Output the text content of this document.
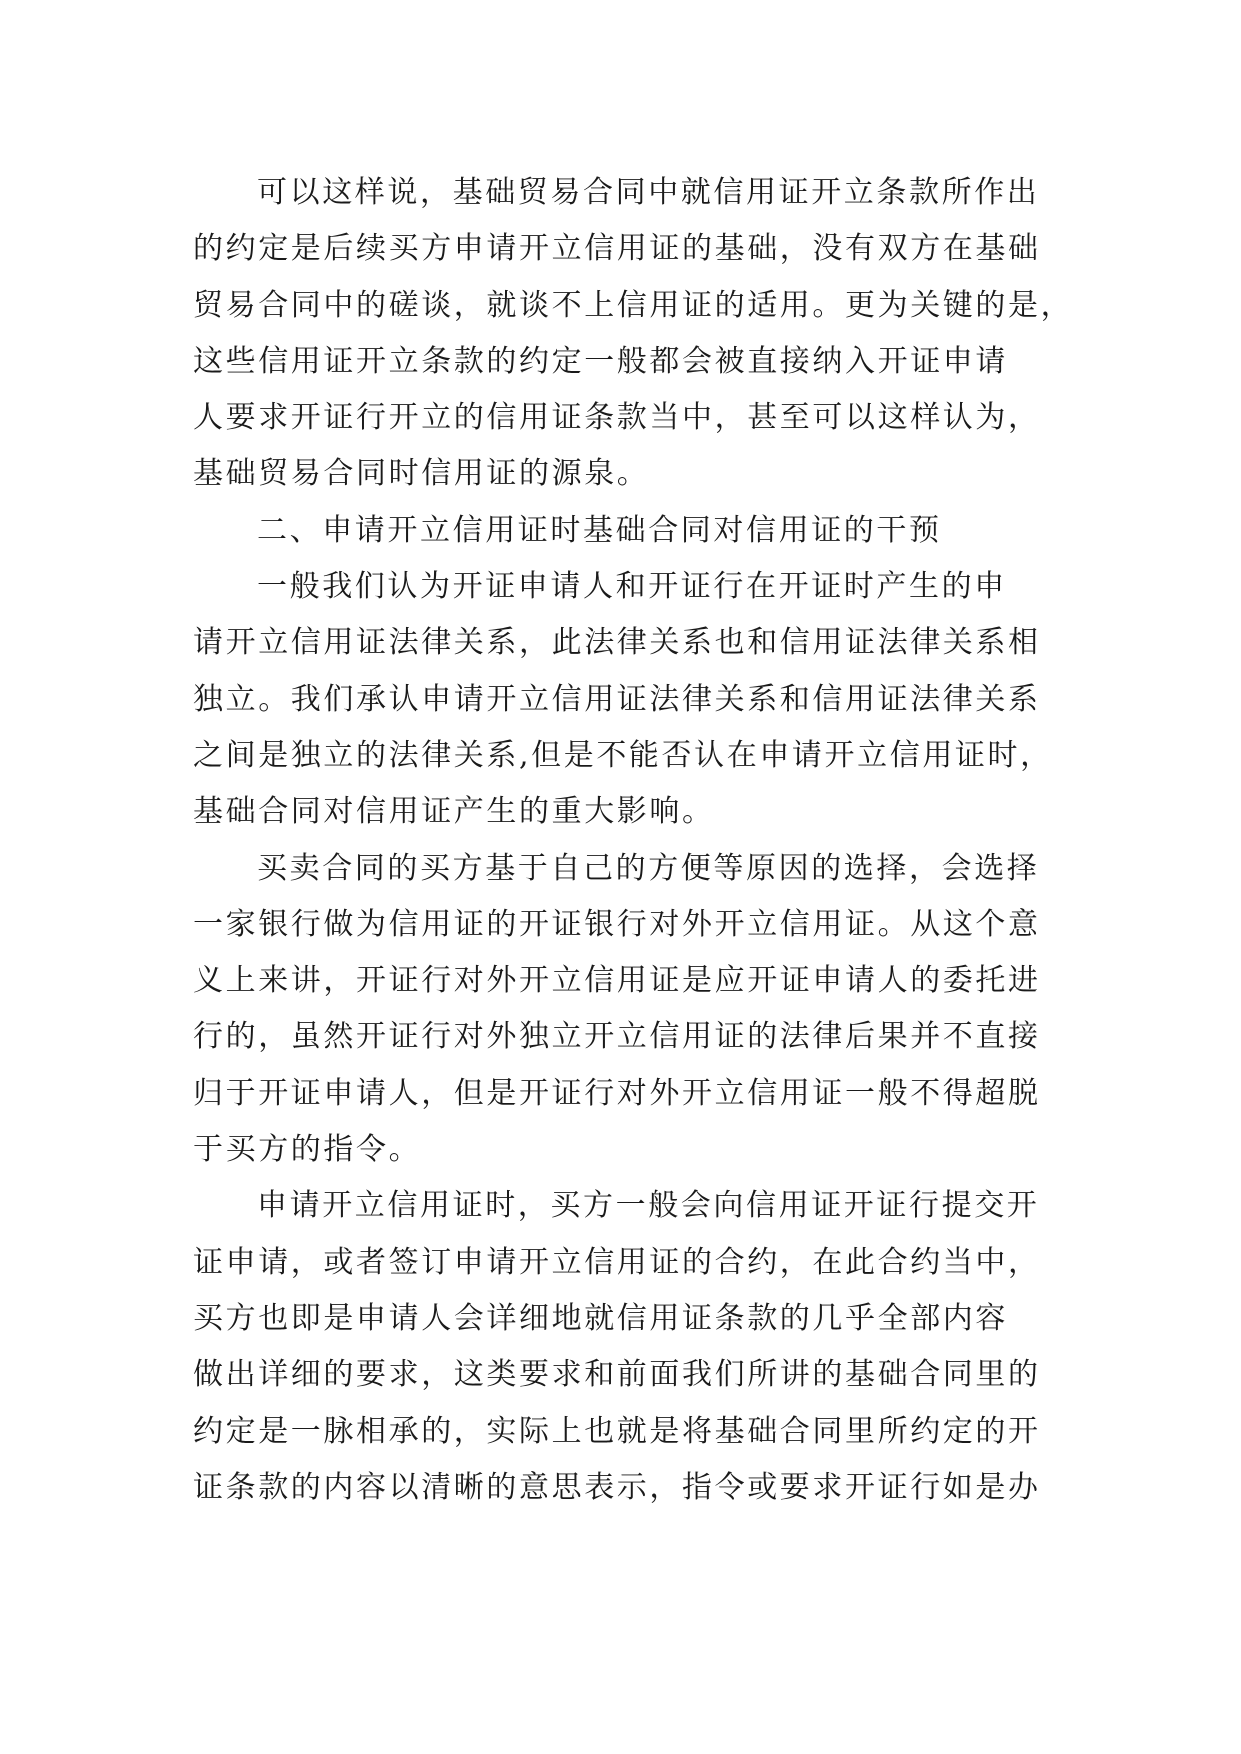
可以这样说，基础贸易合同中就信用证开立条款所作出
的约定是后续买方申请开立信用证的基础，没有双方在基础
贸易合同中的磋谈，就谈不上信用证的适用。更为关键的是，
这些信用证开立条款的约定一般都会被直接纳入开证申请
人要求开证行开立的信用证条款当中，甚至可以这样认为，
基础贸易合同时信用证的源泉。
二、申请开立信用证时基础合同对信用证的干预
一般我们认为开证申请人和开证行在开证时产生的申
请开立信用证法律关系，此法律关系也和信用证法律关系相
独立。我们承认申请开立信用证法律关系和信用证法律关系
之间是独立的法律关系,但是不能否认在申请开立信用证时，
基础合同对信用证产生的重大影响。
买卖合同的买方基于自己的方便等原因的选择，会选择
一家银行做为信用证的开证银行对外开立信用证。从这个意
义上来讲，开证行对外开立信用证是应开证申请人的委托进
行的，虽然开证行对外独立开立信用证的法律后果并不直接
归于开证申请人，但是开证行对外开立信用证一般不得超脱
于买方的指令。
申请开立信用证时，买方一般会向信用证开证行提交开
证申请，或者签订申请开立信用证的合约，在此合约当中，
买方也即是申请人会详细地就信用证条款的几乎全部内容
做出详细的要求，这类要求和前面我们所讲的基础合同里的
约定是一脉相承的，实际上也就是将基础合同里所约定的开
证条款的内容以清晰的意思表示，指令或要求开证行如是办
